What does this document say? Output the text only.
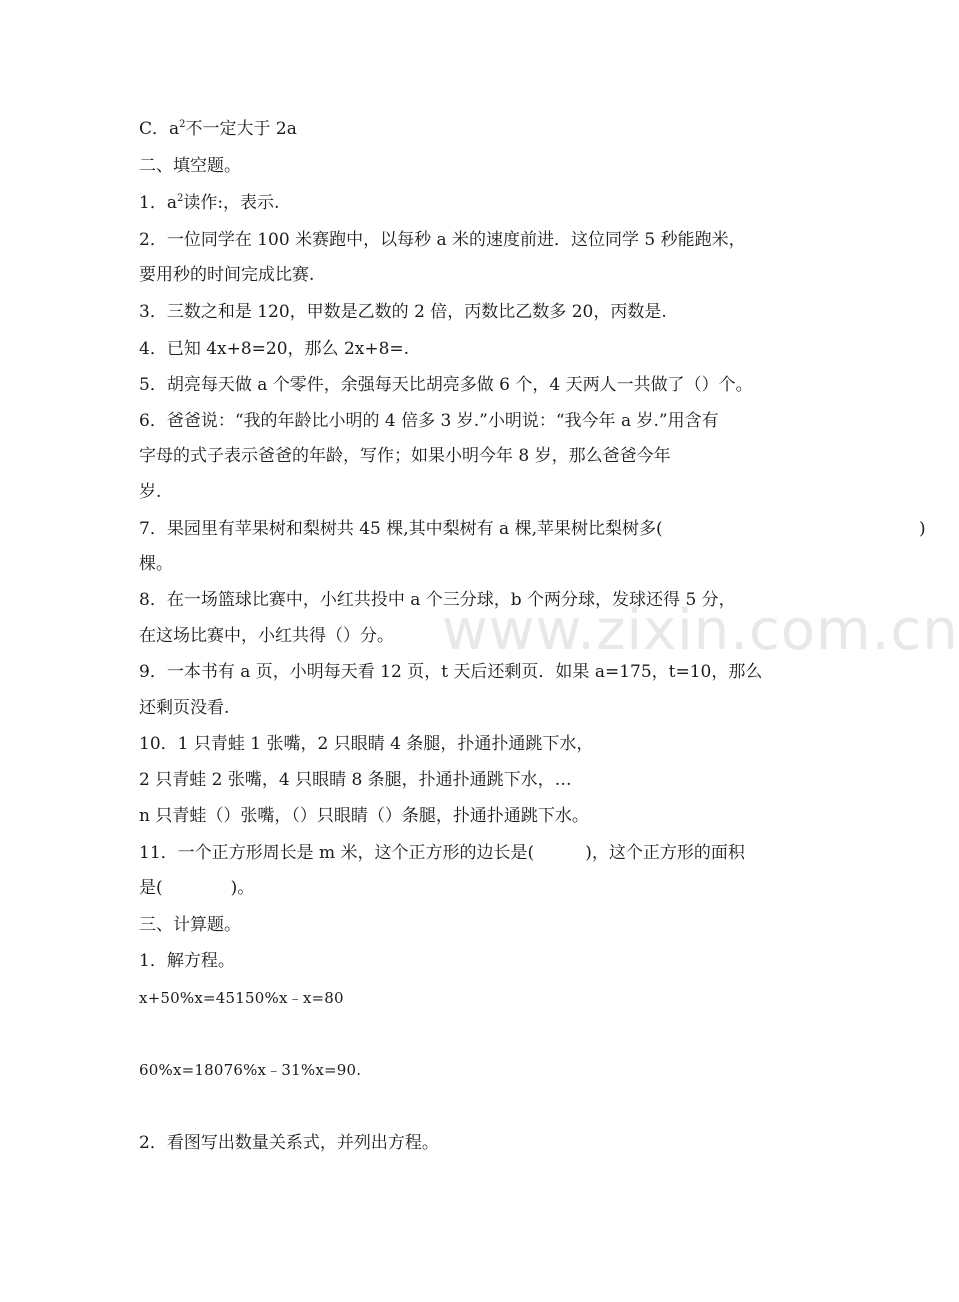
www.zixin.com.cn
C．$a^2$不一定大于 2a
二、填空题。
1．$a^2$读作:，表示.
2．一位同学在 100 米赛跑中，以每秒 a 米的速度前进．这位同学 5 秒能跑米，
要用秒的时间完成比赛.
3．三数之和是 120，甲数是乙数的 2 倍，丙数比乙数多 20，丙数是.
4．已知 4x+8=20，那么 2x+8=.
5．胡亮每天做 a 个零件，余强每天比胡亮多做 6 个，4 天两人一共做了（）个。
6．爸爸说：“我的年龄比小明的 4 倍多 3 岁.”小明说：“我今年 a 岁.”用含有
字母的式子表示爸爸的年龄，写作；如果小明今年 8 岁，那么爸爸今年
岁.
7．果园里有苹果树和梨树共 45 棵,其中梨树有 a 棵,苹果树比梨树多(	)
棵。
8．在一场篮球比赛中，小红共投中 a 个三分球，b 个两分球，发球还得 5 分，
在这场比赛中，小红共得（）分。
9．一本书有 a 页，小明每天看 12 页，t 天后还剩页．如果 a=175，t=10，那么
还剩页没看.
10．1 只青蛙 1 张嘴，2 只眼睛 4 条腿，扑通扑通跳下水，
2 只青蛙 2 张嘴，4 只眼睛 8 条腿，扑通扑通跳下水，…
n 只青蛙（）张嘴，（）只眼睛（）条腿，扑通扑通跳下水。
11．一个正方形周长是 m 米，这个正方形的边长是(　　　)，这个正方形的面积
是(　　　　)。
三、计算题。
1．解方程。
x+50%x=45150%x﹣x=80
60%x=18076%x﹣31%x=90.
2．看图写出数量关系式，并列出方程。
